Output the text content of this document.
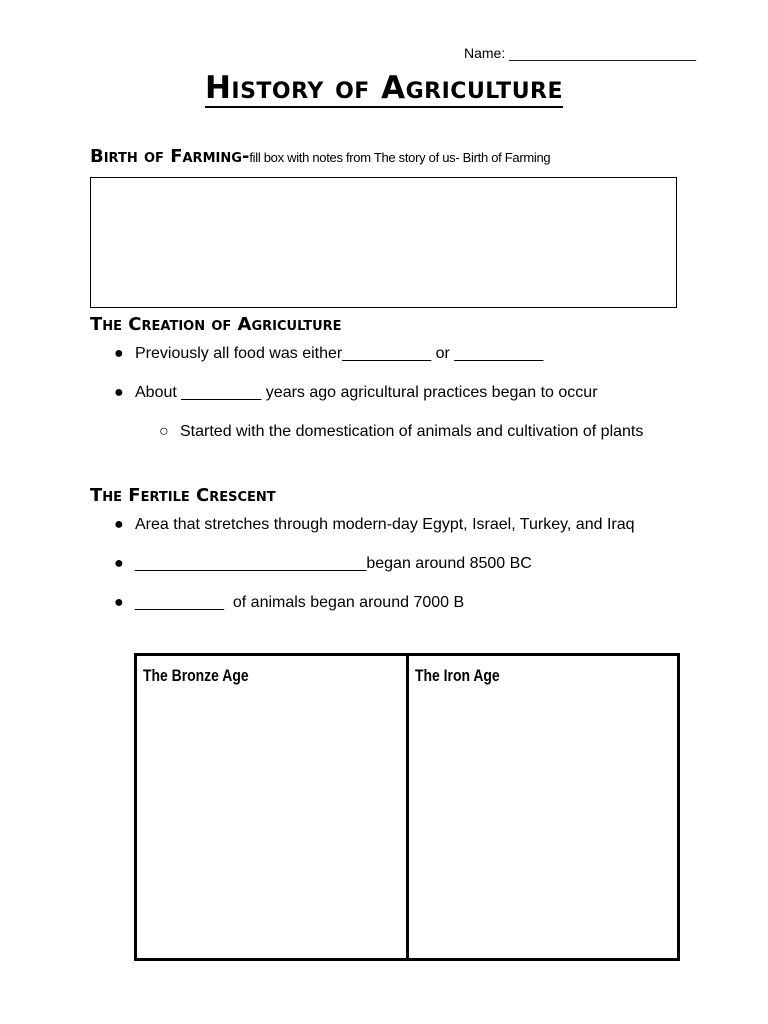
Name: ________________________
History of Agriculture
Birth of Farming-fill box with notes from The story of us- Birth of Farming
The Creation of Agriculture

●

Previously all food was either__________ or __________

●

About _________ years ago agricultural practices began to occur

○

Started with the domestication of animals and cultivation of plants

The Fertile Crescent

●

Area that stretches through modern-day Egypt, Israel, Turkey, and Iraq

●

__________________________began around 8500 BC

●

__________  of animals began around 7000 B

The Bronze Age	The Iron Age
